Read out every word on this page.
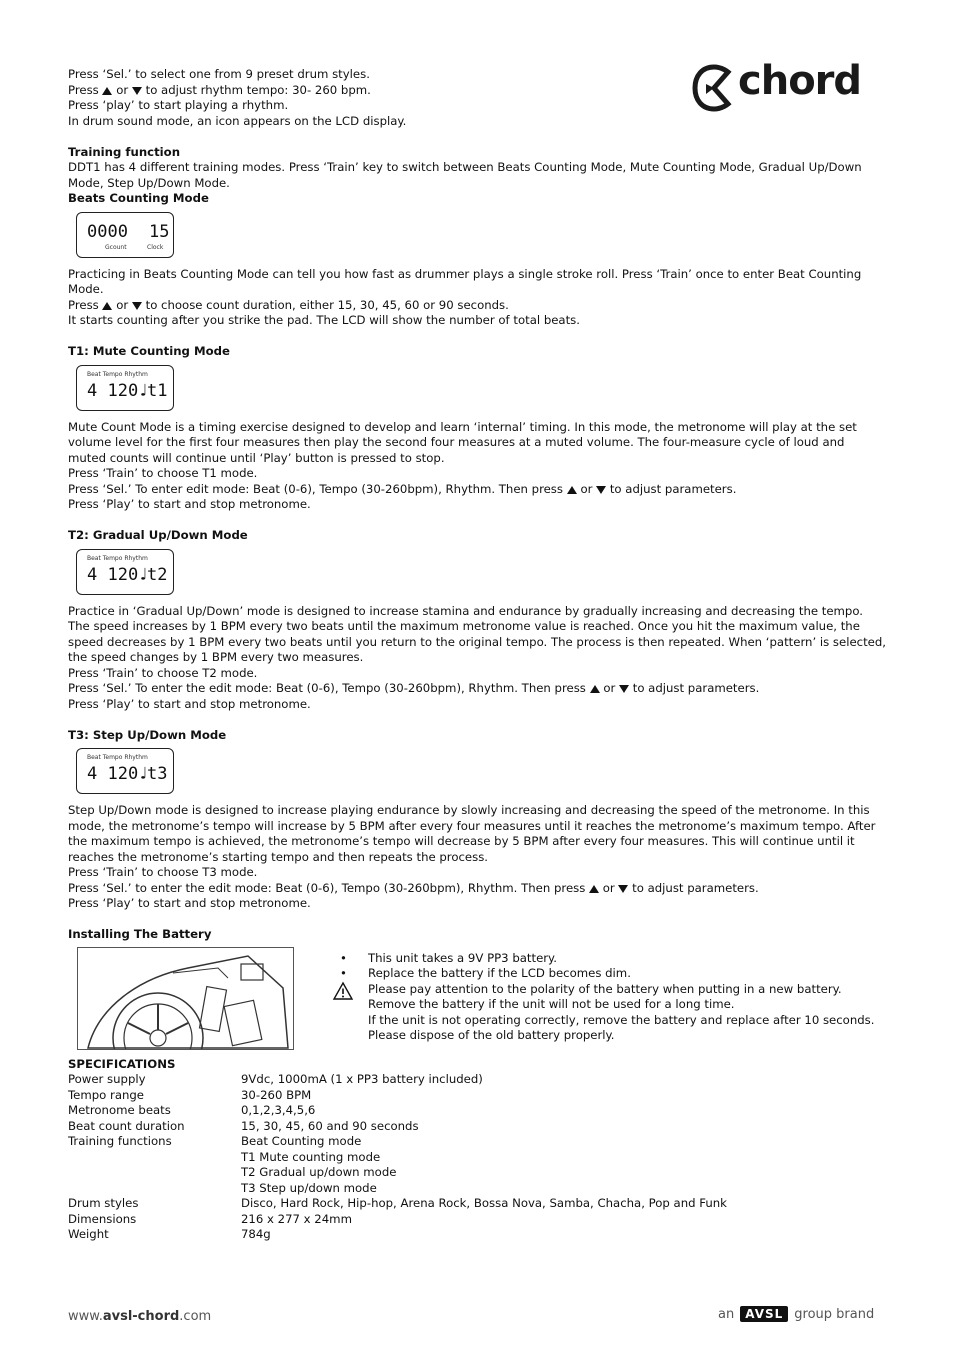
chord

Press ‘Sel.’ to select one from 9 preset drum styles.

Press or to adjust rhythm tempo: 30- 260 bpm.

Press ‘play’ to start playing a rhythm.

In drum sound mode, an icon appears on the LCD display.

Training function

DDT1 has 4 different training modes. Press ‘Train’ key to switch between Beats Counting Mode, Mute Counting Mode, Gradual Up/Down Mode, Step Up/Down Mode.

Beats Counting Mode

0000 15
Gcount	Clock

Practicing in Beats Counting Mode can tell you how fast as drummer plays a single stroke roll. Press ‘Train’ once to enter Beat Counting Mode.

Press or to choose count duration, either 15, 30, 45, 60 or 90 seconds.

It starts counting after you strike the pad. The LCD will show the number of total beats.

T1: Mute Counting Mode

Beat Tempo Rhythm
4 120♩
t1

Mute Count Mode is a timing exercise designed to develop and learn ‘internal’ timing. In this mode, the metronome will play at the set volume level for the first four measures then play the second four measures at a muted volume. The four-measure cycle of loud and muted counts will continue until ‘Play’ button is pressed to stop.

Press ‘Train’ to choose T1 mode.

Press ‘Sel.’ To enter edit mode: Beat (0-6), Tempo (30-260bpm), Rhythm. Then press or to adjust parameters.

Press ‘Play’ to start and stop metronome.

T2: Gradual Up/Down Mode

Beat Tempo Rhythm
4 120♩
t2

Practice in ‘Gradual Up/Down’ mode is designed to increase stamina and endurance by gradually increasing and decreasing the tempo. The speed increases by 1 BPM every two beats until the maximum metronome value is reached. Once you hit the maximum value, the speed decreases by 1 BPM every two beats until you return to the original tempo. The process is then repeated. When ‘pattern’ is selected, the speed changes by 1 BPM every two measures.

Press ‘Train’ to choose T2 mode.

Press ‘Sel.’ To enter the edit mode: Beat (0-6), Tempo (30-260bpm), Rhythm. Then press or to adjust parameters.

Press ‘Play’ to start and stop metronome.

T3: Step Up/Down Mode

Beat Tempo Rhythm
4 120♩
t3

Step Up/Down mode is designed to increase playing endurance by slowly increasing and decreasing the speed of the metronome. In this mode, the metronome’s tempo will increase by 5 BPM after every four measures until it reaches the metronome’s maximum tempo. After the maximum tempo is achieved, the metronome’s tempo will decrease by 5 BPM after every four measures. This will continue until it reaches the metronome’s starting tempo and then repeats the process.

Press ‘Train’ to choose T3 mode.

Press ‘Sel.’ to enter the edit mode: Beat (0-6), Tempo (30-260bpm), Rhythm. Then press or to adjust parameters.

Press ‘Play’ to start and stop metronome.

Installing The Battery

• This unit takes a 9V PP3 battery.
• Replace the battery if the LCD becomes dim.
Please pay attention to the polarity of the battery when putting in a new battery.
Remove the battery if the unit will not be used for a long time.
If the unit is not operating correctly, remove the battery and replace after 10 seconds.
Please dispose of the old battery properly.

SPECIFICATIONS

Power supply	9Vdc, 1000mA (1 x PP3 battery included)
Tempo range	30-260 BPM
Metronome beats	0,1,2,3,4,5,6
Beat count duration	15, 30, 45, 60 and 90 seconds
Training functions	Beat Counting mode
T1 Mute counting mode
T2 Gradual up/down mode
T3 Step up/down mode
Drum styles	Disco, Hard Rock, Hip-hop, Arena Rock, Bossa Nova, Samba, Chacha, Pop and Funk
Dimensions	216 x 277 x 24mm
Weight	784g
www.avsl-chord.com	an AVSL group brand
